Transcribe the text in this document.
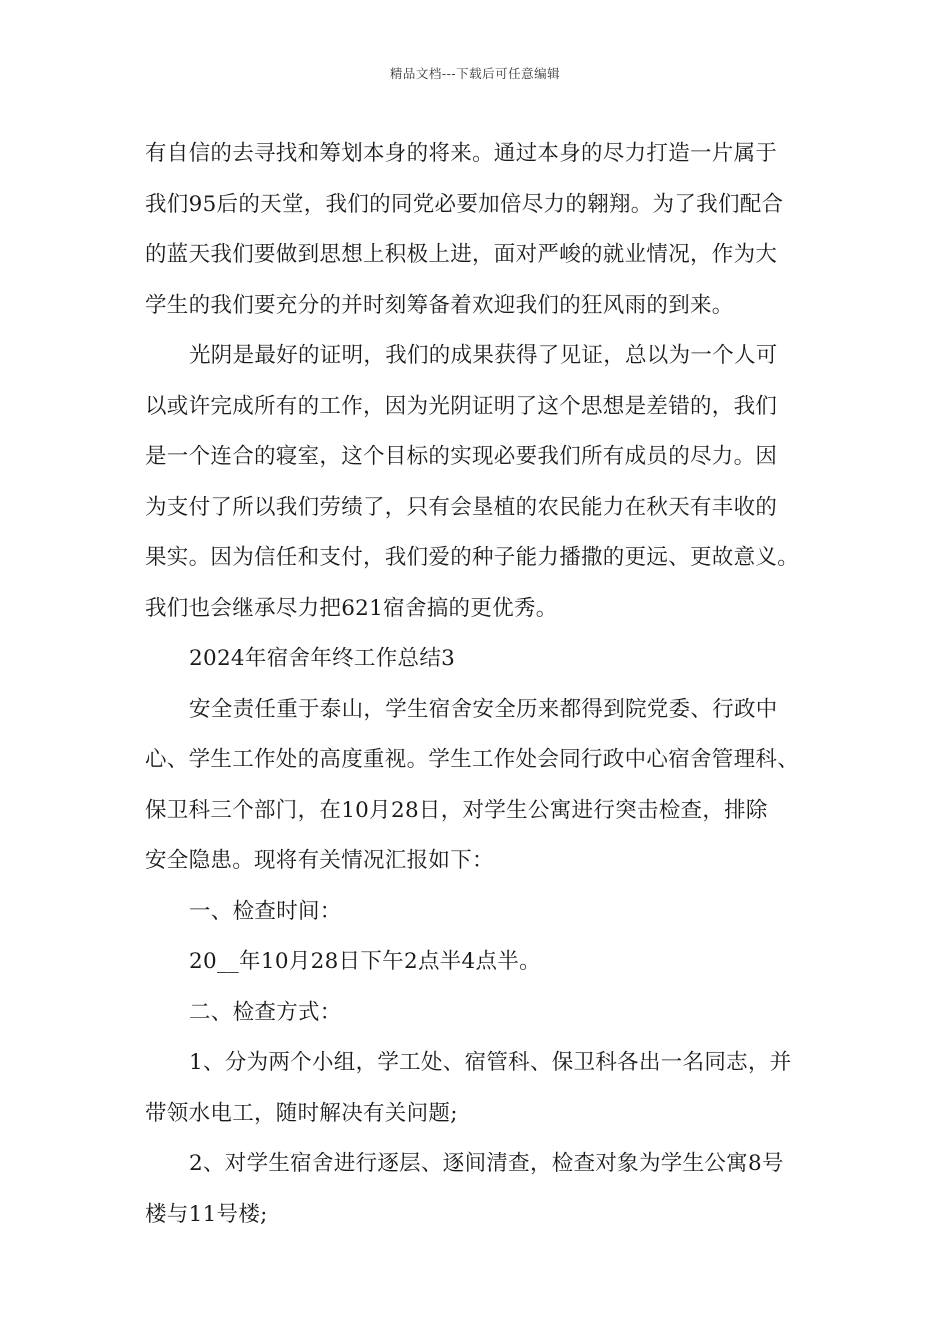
精品文档---下载后可任意编辑
有自信的去寻找和筹划本身的将来。通过本身的尽力打造一片属于
我们95后的天堂，我们的同党必要加倍尽力的翱翔。为了我们配合
的蓝天我们要做到思想上积极上进，面对严峻的就业情况，作为大
学生的我们要充分的并时刻筹备着欢迎我们的狂风雨的到来。
光阴是最好的证明，我们的成果获得了见证，总以为一个人可
以或许完成所有的工作，因为光阴证明了这个思想是差错的，我们
是一个连合的寝室，这个目标的实现必要我们所有成员的尽力。因
为支付了所以我们劳绩了，只有会垦植的农民能力在秋天有丰收的
果实。因为信任和支付，我们爱的种子能力播撒的更远、更故意义。
我们也会继承尽力把621宿舍搞的更优秀。
2024年宿舍年终工作总结3
安全责任重于泰山，学生宿舍安全历来都得到院党委、行政中
心、学生工作处的高度重视。学生工作处会同行政中心宿舍管理科、
保卫科三个部门，在10月28日，对学生公寓进行突击检查，排除
安全隐患。现将有关情况汇报如下：
一、检查时间：
20__年10月28日下午2点半4点半。
二、检查方式：
1、分为两个小组，学工处、宿管科、保卫科各出一名同志，并
带领水电工，随时解决有关问题;
2、对学生宿舍进行逐层、逐间清查，检查对象为学生公寓8号
楼与11号楼;
